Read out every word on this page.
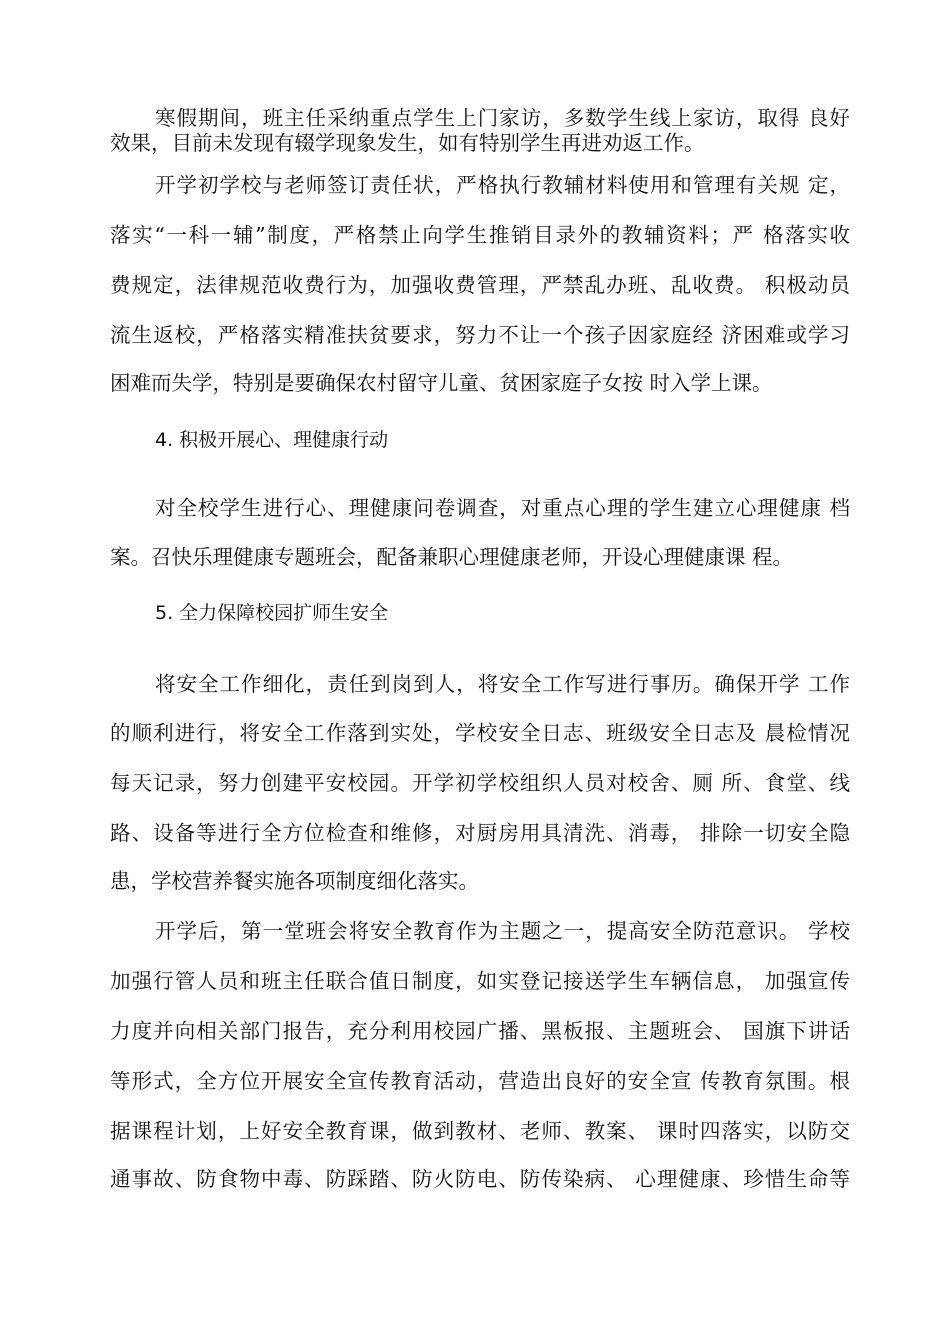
寒假期间，班主任采纳重点学生上门家访，多数学生线上家访，取得 良好
效果，目前未发现有辍学现象发生，如有特别学生再进劝返工作。
开学初学校与老师签订责任状，严格执行教辅材料使用和管理有关规 定，
落实“一科一辅”制度，严格禁止向学生推销目录外的教辅资料；严 格落实收
费规定，法律规范收费行为，加强收费管理，严禁乱办班、乱收费。 积极动员
流生返校，严格落实精准扶贫要求，努力不让一个孩子因家庭经 济困难或学习
困难而失学，特别是要确保农村留守儿童、贫困家庭子女按 时入学上课。
4. 积极开展心、理健康行动
对全校学生进行心、理健康问卷调查，对重点心理的学生建立心理健康 档
案。召快乐理健康专题班会，配备兼职心理健康老师，开设心理健康课 程。
5. 全力保障校园扩师生安全
将安全工作细化，责任到岗到人，将安全工作写进行事历。确保开学 工作
的顺利进行，将安全工作落到实处，学校安全日志、班级安全日志及 晨检情况
每天记录，努力创建平安校园。开学初学校组织人员对校舍、厕 所、食堂、线
路、设备等进行全方位检查和维修，对厨房用具清洗、消毒， 排除一切安全隐
患，学校营养餐实施各项制度细化落实。
开学后，第一堂班会将安全教育作为主题之一，提高安全防范意识。 学校
加强行管人员和班主任联合值日制度，如实登记接送学生车辆信息， 加强宣传
力度并向相关部门报告，充分利用校园广播、黑板报、主题班会、 国旗下讲话
等形式，全方位开展安全宣传教育活动，营造出良好的安全宣 传教育氛围。根
据课程计划，上好安全教育课，做到教材、老师、教案、 课时四落实，以防交
通事故、防食物中毒、防踩踏、防火防电、防传染病、 心理健康、珍惜生命等
